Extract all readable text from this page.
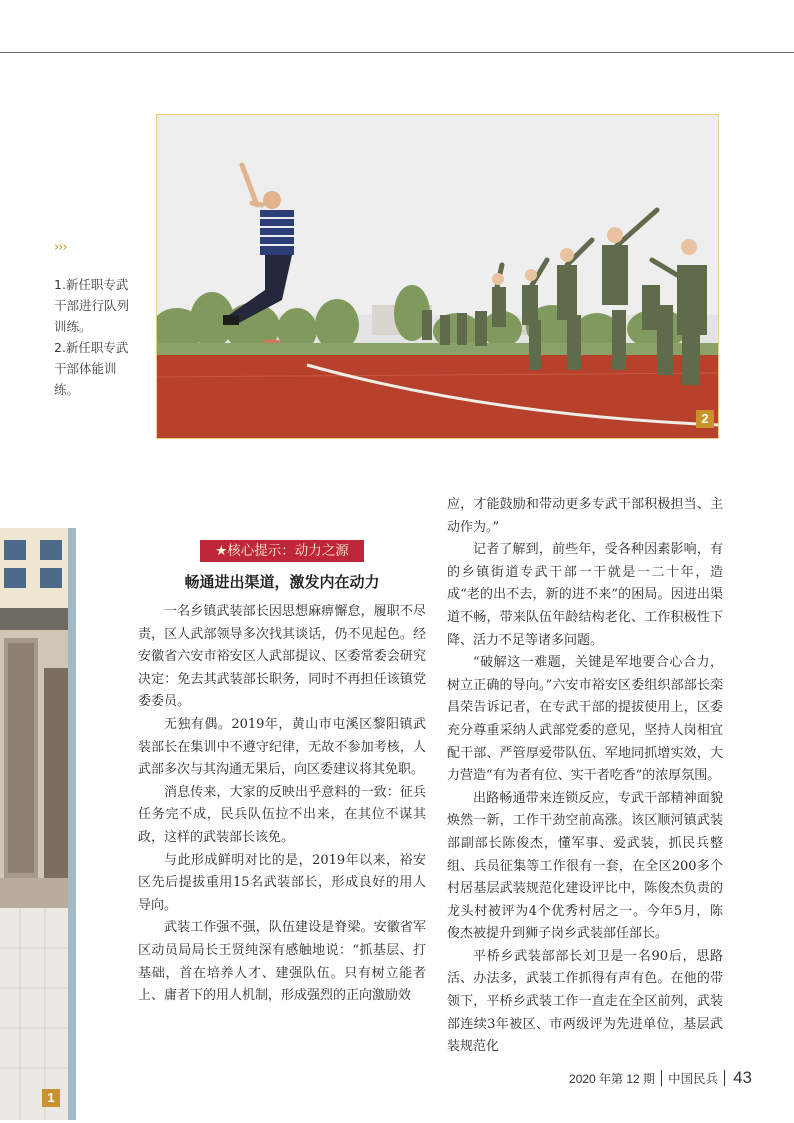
2
›››

1.新任职专武干部进行队列训练。

2.新任职专武干部体能训练。

1

应，才能鼓励和带动更多专武干部积极担当、主动作为。”

记者了解到，前些年，受各种因素影响，有的乡镇街道专武干部一干就是一二十年，造成“老的出不去，新的进不来”的困局。因进出渠道不畅，带来队伍年龄结构老化、工作积极性下降、活力不足等诸多问题。

“破解这一难题，关键是军地要合心合力，树立正确的导向。”六安市裕安区委组织部部长栾昌荣告诉记者，在专武干部的提拔使用上，区委充分尊重采纳人武部党委的意见，坚持人岗相宜配干部、严管厚爱带队伍、军地同抓增实效，大力营造“有为者有位、实干者吃香”的浓厚氛围。

出路畅通带来连锁反应，专武干部精神面貌焕然一新，工作干劲空前高涨。该区顺河镇武装部副部长陈俊杰，懂军事、爱武装，抓民兵整组、兵员征集等工作很有一套，在全区200多个村居基层武装规范化建设评比中，陈俊杰负责的龙头村被评为4个优秀村居之一。今年5月，陈俊杰被提升到狮子岗乡武装部任部长。

平桥乡武装部部长刘卫是一名90后，思路活、办法多，武装工作抓得有声有色。在他的带领下，平桥乡武装工作一直走在全区前列，武装部连续3年被区、市两级评为先进单位，基层武装规范化

★核心提示：动力之源
畅通进出渠道，激发内在动力

一名乡镇武装部长因思想麻痹懈怠，履职不尽责，区人武部领导多次找其谈话，仍不见起色。经安徽省六安市裕安区人武部提议、区委常委会研究决定：免去其武装部长职务，同时不再担任该镇党委委员。

无独有偶。2019年，黄山市屯溪区黎阳镇武装部长在集训中不遵守纪律，无故不参加考核，人武部多次与其沟通无果后，向区委建议将其免职。

消息传来，大家的反映出乎意料的一致：征兵任务完不成，民兵队伍拉不出来，在其位不谋其政，这样的武装部长该免。

与此形成鲜明对比的是，2019年以来，裕安区先后提拔重用15名武装部长，形成良好的用人导向。

武装工作强不强，队伍建设是脊梁。安徽省军区动员局局长王贤纯深有感触地说：“抓基层、打基础，首在培养人才、建强队伍。只有树立能者上、庸者下的用人机制，形成强烈的正向激励效

2020 年第 12 期 中国民兵 43
